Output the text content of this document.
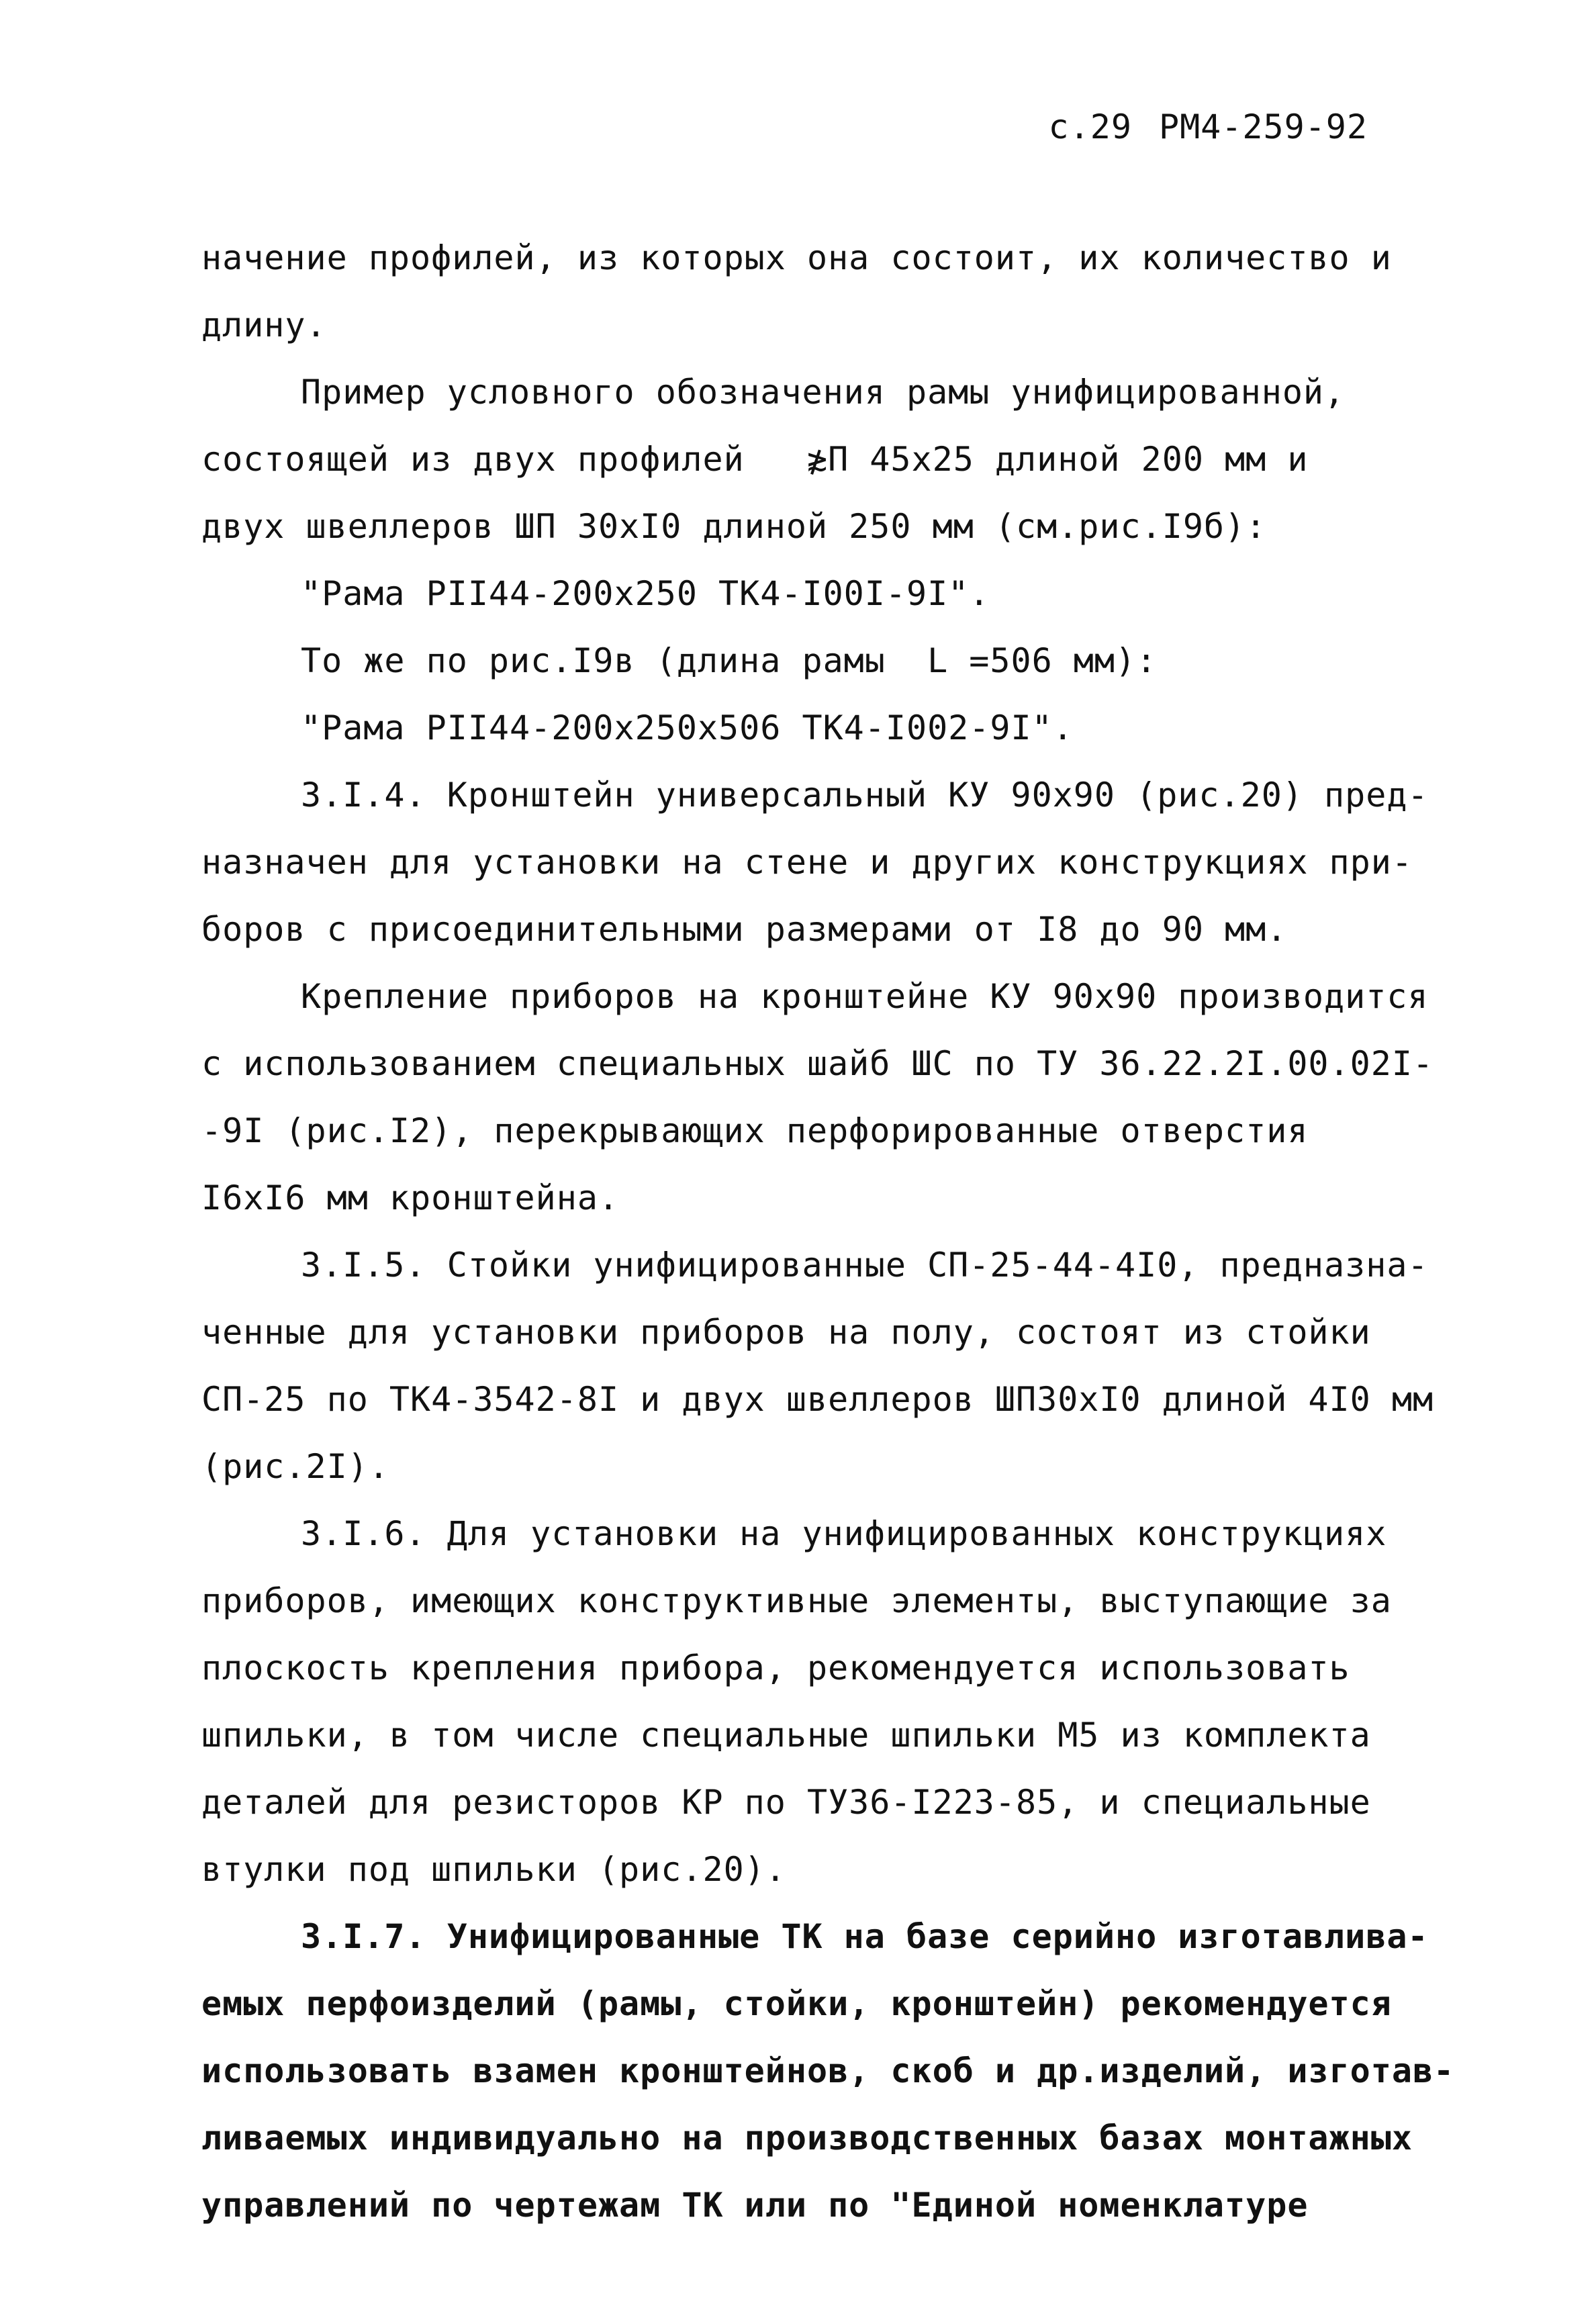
с.29 РМ4-259-92
начение профилей, из которых она состоит, их количество и
длину.
Пример условного обозначения рамы унифицированной,
состоящей из двух профилей   ≵П 45х25 длиной 200 мм и
двух швеллеров ШП 30хI0 длиной 250 мм (см.рис.I9б):
"Рама PII44-200х250 ТК4-I00I-9I".
То же по рис.I9в (длина рамы  L =506 мм):
"Рама PII44-200х250х506 ТК4-I002-9I".
3.I.4. Кронштейн универсальный КУ 90х90 (рис.20) пред-
назначен для установки на стене и других конструкциях при-
боров с присоединительными размерами от I8 до 90 мм.
Крепление приборов на кронштейне КУ 90х90 производится
с использованием специальных шайб ШС по ТУ 36.22.2I.00.02I-
-9I (рис.I2), перекрывающих перфорированные отверстия
I6хI6 мм кронштейна.
3.I.5. Стойки унифицированные СП-25-44-4I0, предназна-
ченные для установки приборов на полу, состоят из стойки
СП-25 по ТК4-3542-8I и двух швеллеров ШП30хI0 длиной 4I0 мм
(рис.2I).
3.I.6. Для установки на унифицированных конструкциях
приборов, имеющих конструктивные элементы, выступающие за
плоскость крепления прибора, рекомендуется использовать
шпильки, в том числе специальные шпильки М5 из комплекта
деталей для резисторов КР по ТУ36-I223-85, и специальные
втулки под шпильки (рис.20).
3.I.7. Унифицированные ТК на базе серийно изготавлива-
емых перфоизделий (рамы, стойки, кронштейн) рекомендуется
использовать взамен кронштейнов, скоб и др.изделий, изготав-
ливаемых индивидуально на производственных базах монтажных
управлений по чертежам ТК или по "Единой номенклатуре
